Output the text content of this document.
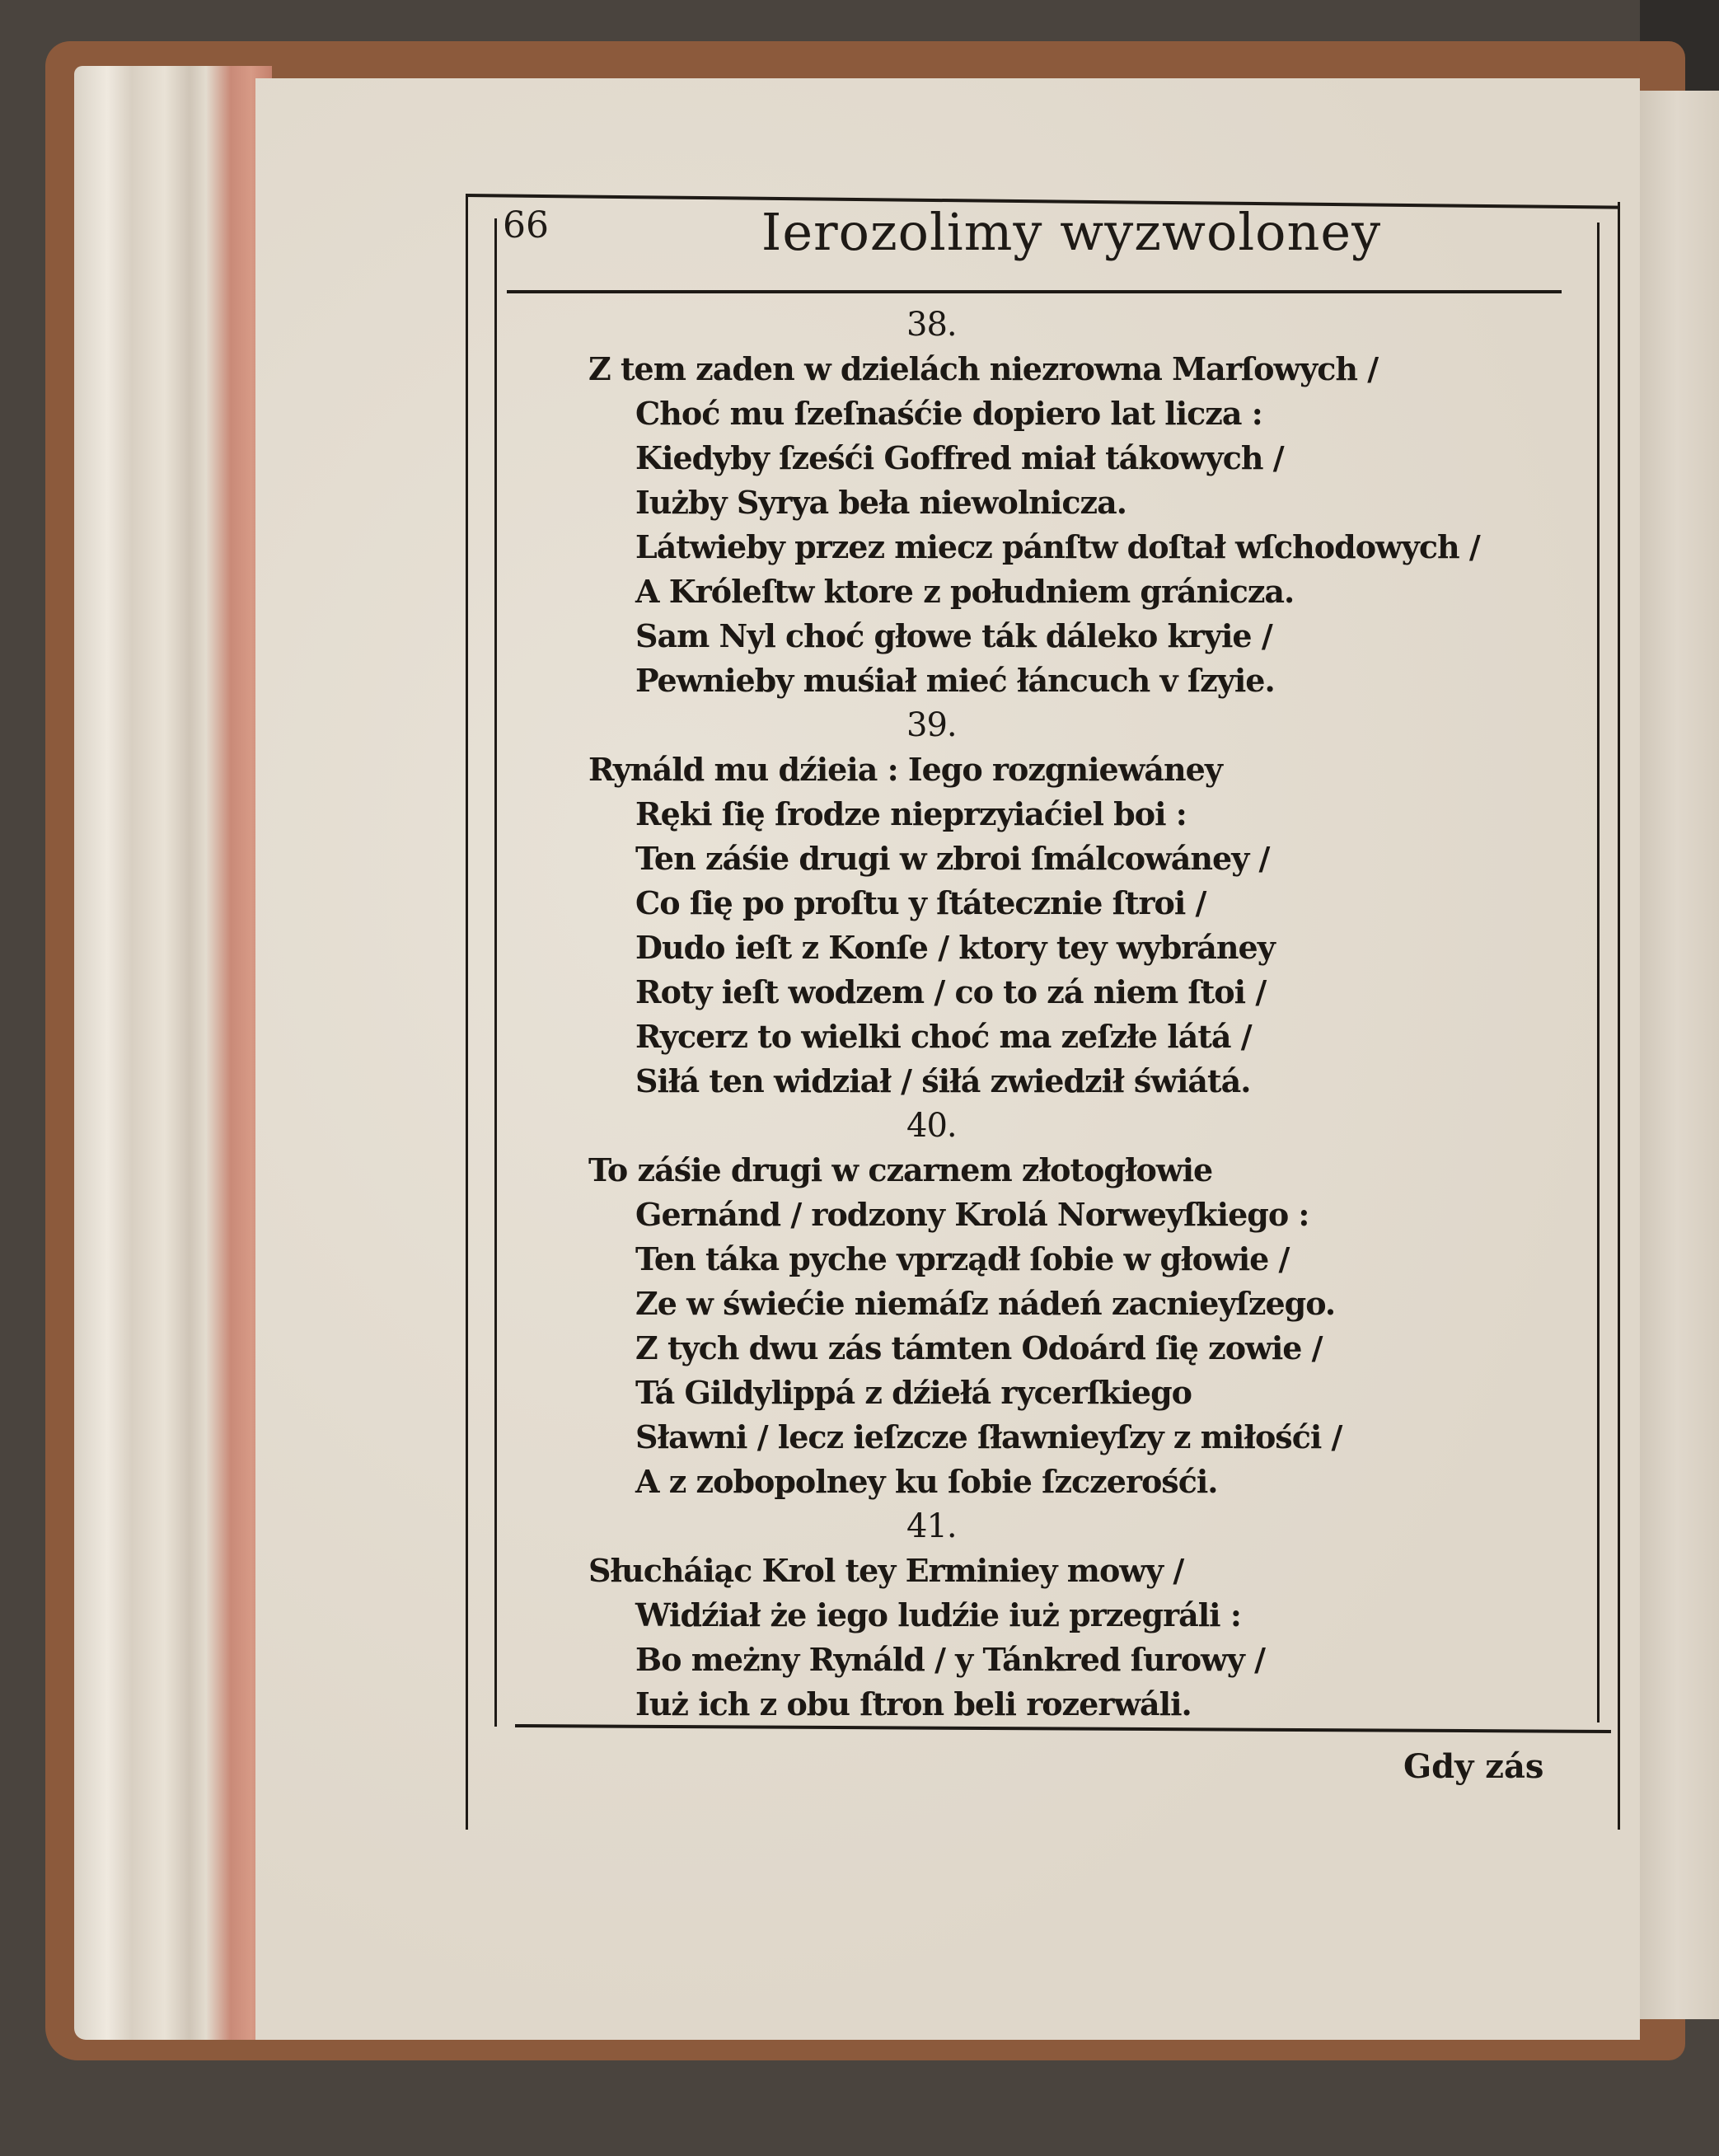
66	Ierozolimy wyzwoloney
38.
Z tem zaden w dzielách niezrowna Marſowych /
Choć mu ſzeſnaśćie dopiero lat licza :
Kiedyby ſześći Goffred miał tákowych /
Iużby Syrya beła niewolnicza.
Látwieby przez miecz pánſtw doſtał wſchodowych /
A Króleſtw ktore z południem gránicza.
Sam Nyl choć głowe ták dáleko kryie /
Pewnieby muśiał mieć łáncuch v ſzyie.
39.
Rynáld mu dźieia : Iego rozgniewáney
Ręki ſię ſrodze nieprzyiaćiel boi :
Ten záśie drugi w zbroi ſmálcowáney /
Co ſię po proſtu y ſtátecznie ſtroi /
Dudo ieſt z Konſe / ktory tey wybráney
Roty ieſt wodzem / co to zá niem ſtoi /
Rycerz to wielki choć ma zeſzłe látá /
Siłá ten widział / śiłá zwiedził świátá.
40.
To záśie drugi w czarnem złotogłowie
Gernánd / rodzony Krolá Norweyſkiego :
Ten táka pyche vprządł ſobie w głowie /
Ze w świećie niemáſz nádeń zacnieyſzego.
Z tych dwu zás támten Odoárd ſię zowie /
Tá Gildylippá z dźiełá rycerſkiego
Sławni / lecz ieſzcze ſławnieyſzy z miłośći /
A z zobopolney ku ſobie ſzczerośći.
41.
Słucháiąc Krol tey Erminiey mowy /
Widźiał że iego ludźie iuż przegráli :
Bo meżny Rynáld / y Tánkred ſurowy /
Iuż ich z obu ſtron beli rozerwáli.
Gdy zás
